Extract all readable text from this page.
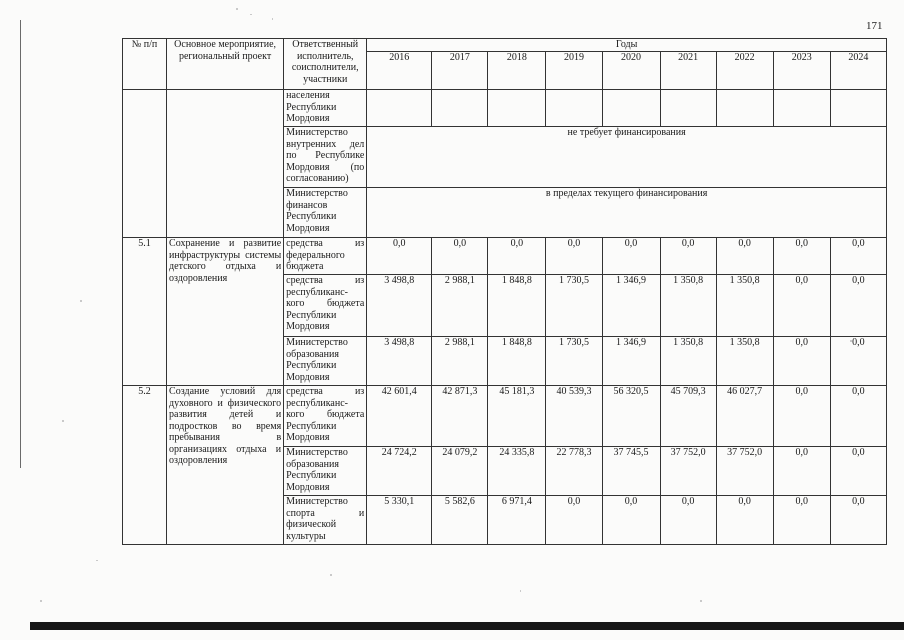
171
№ п/п	Основное мероприятие, региональный проект	Ответственный исполнитель, соисполнители, участники	Годы								
			2016	2017	2018	2019	2020	2021	2022	2023	2024
		населения Республики Мордовия									
		Министерство внутренних дел по Республике Мордовия (по согласованию)	не требует финансирования								
		Министерство финансов Республики Мордовия	в пределах текущего финансирования								
5.1	Сохранение и развитие инфраструктуры системы детского отдыха и оздоровления	средства из федерального бюджета	0,0	0,0	0,0	0,0	0,0	0,0	0,0	0,0	0,0
		средства из республиканс-кого бюджета Республики Мордовия	3 498,8	2 988,1	1 848,8	1 730,5	1 346,9	1 350,8	1 350,8	0,0	0,0
		Министерство образования Республики Мордовия	3 498,8	2 988,1	1 848,8	1 730,5	1 346,9	1 350,8	1 350,8	0,0	0,0
5.2	Создание условий для духовного и физического развития детей и подростков во время пребывания в организациях отдыха и оздоровления	средства из республиканс-кого бюджета Республики Мордовия	42 601,4	42 871,3	45 181,3	40 539,3	56 320,5	45 709,3	46 027,7	0,0	0,0
		Министерство образования Республики Мордовия	24 724,2	24 079,2	24 335,8	22 778,3	37 745,5	37 752,0	37 752,0	0,0	0,0
		Министерство спорта и физической культуры	5 330,1	5 582,6	6 971,4	0,0	0,0	0,0	0,0	0,0	0,0
